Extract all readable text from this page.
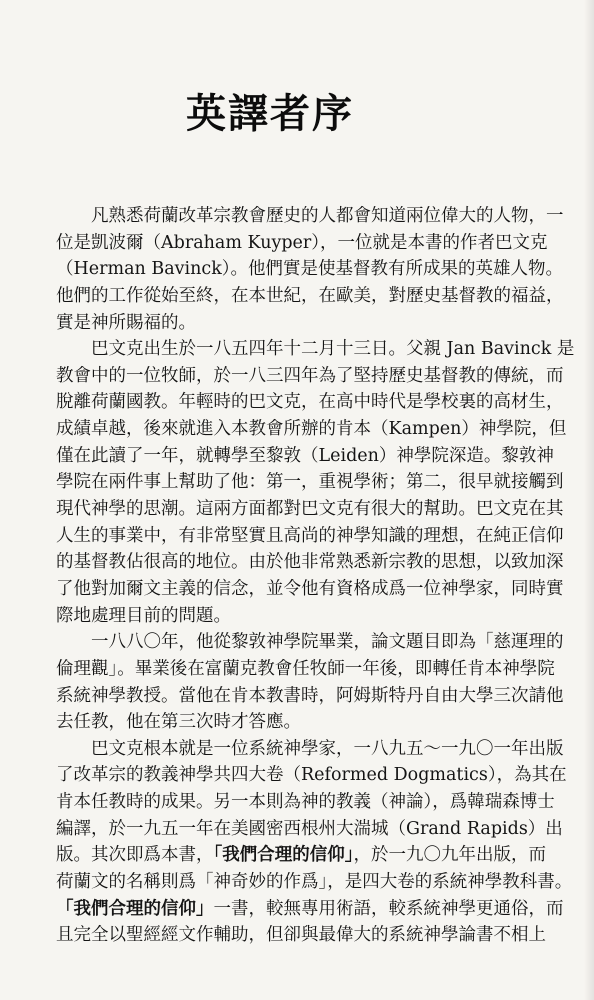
英譯者序
凡熟悉荷蘭改革宗教會歷史的人都會知道兩位偉大的人物，一
位是凱波爾（Abraham Kuyper），一位就是本書的作者巴文克
（Herman Bavinck）。他們實是使基督教有所成果的英雄人物。
他們的工作從始至終，在本世紀，在歐美，對歷史基督教的福益，
實是神所賜福的。
巴文克出生於一八五四年十二月十三日。父親 Jan Bavinck 是
教會中的一位牧師，於一八三四年為了堅持歷史基督教的傳統，而
脫離荷蘭國教。年輕時的巴文克，在高中時代是學校裏的高材生，
成績卓越，後來就進入本教會所辦的肯本（Kampen）神學院，但
僅在此讀了一年，就轉學至黎敦（Leiden）神學院深造。黎敦神
學院在兩件事上幫助了他：第一，重視學術；第二，很早就接觸到
現代神學的思潮。這兩方面都對巴文克有很大的幫助。巴文克在其
人生的事業中，有非常堅實且高尚的神學知識的理想，在純正信仰
的基督教佔很高的地位。由於他非常熟悉新宗教的思想，以致加深
了他對加爾文主義的信念，並令他有資格成爲一位神學家，同時實
際地處理目前的問題。
一八八〇年，他從黎敦神學院畢業，論文題目即為「慈運理的
倫理觀」。畢業後在富蘭克教會任牧師一年後，即轉任肯本神學院
系統神學教授。當他在肯本教書時，阿姆斯特丹自由大學三次請他
去任教，他在第三次時才答應。
巴文克根本就是一位系統神學家，一八九五～一九〇一年出版
了改革宗的教義神學共四大卷（Reformed Dogmatics），為其在
肯本任教時的成果。另一本則為神的教義（神論），爲韓瑞森博士
編譯，於一九五一年在美國密西根州大湍城（Grand Rapids）出
版。其次即爲本書，「我們合理的信仰」，於一九〇九年出版，而
荷蘭文的名稱則爲「神奇妙的作爲」，是四大卷的系統神學教科書。
「我們合理的信仰」一書，較無專用術語，較系統神學更通俗，而
且完全以聖經經文作輔助，但卻與最偉大的系統神學論書不相上
